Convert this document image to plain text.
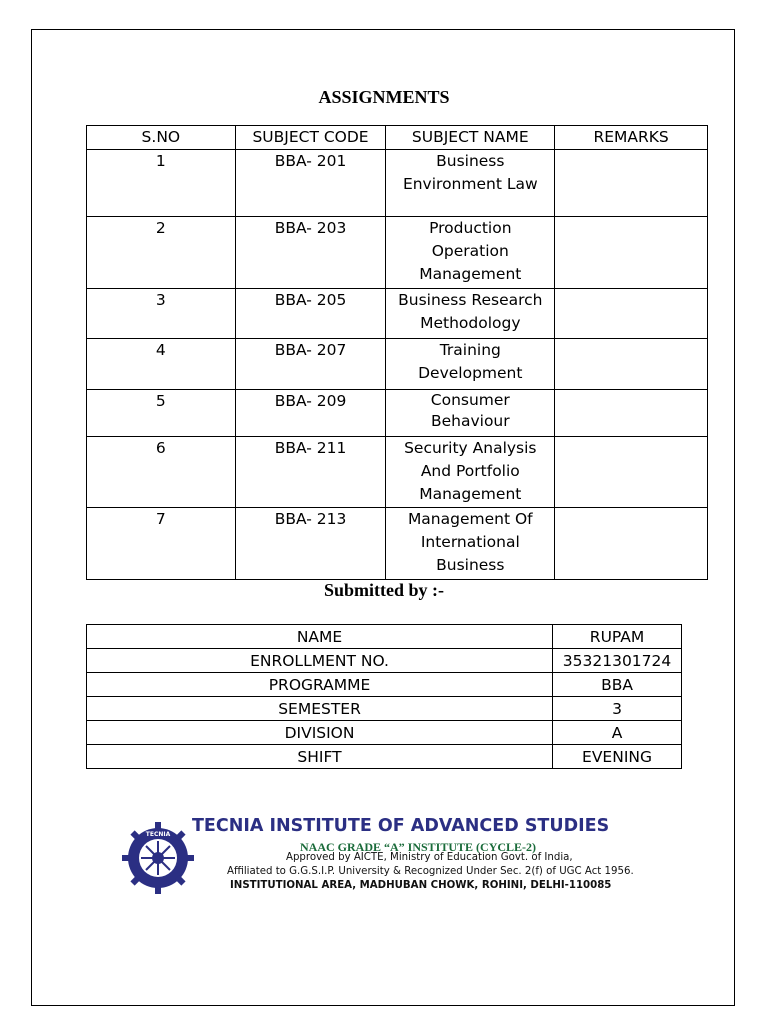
ASSIGNMENTS
S.NO	SUBJECT CODE	SUBJECT NAME	REMARKS
1	BBA- 201	Business Environment Law	
2	BBA- 203	Production Operation Management	
3	BBA- 205	Business Research Methodology	
4	BBA- 207	Training Development	
5	BBA- 209	Consumer Behaviour	
6	BBA- 211	Security Analysis And Portfolio Management	
7	BBA- 213	Management Of International Business	
Submitted by :-
NAME	RUPAM
ENROLLMENT NO.	35321301724
PROGRAMME	BBA
SEMESTER	3
DIVISION	A
SHIFT	EVENING
TECNIA TECNIA INSTITUTE OF ADVANCED STUDIES
NAAC GRADE “A” INSTITUTE (CYCLE-2)
Approved by AICTE, Ministry of Education Govt. of India,
Affiliated to G.G.S.I.P. University & Recognized Under Sec. 2(f) of UGC Act 1956.
INSTITUTIONAL AREA, MADHUBAN CHOWK, ROHINI, DELHI-110085
